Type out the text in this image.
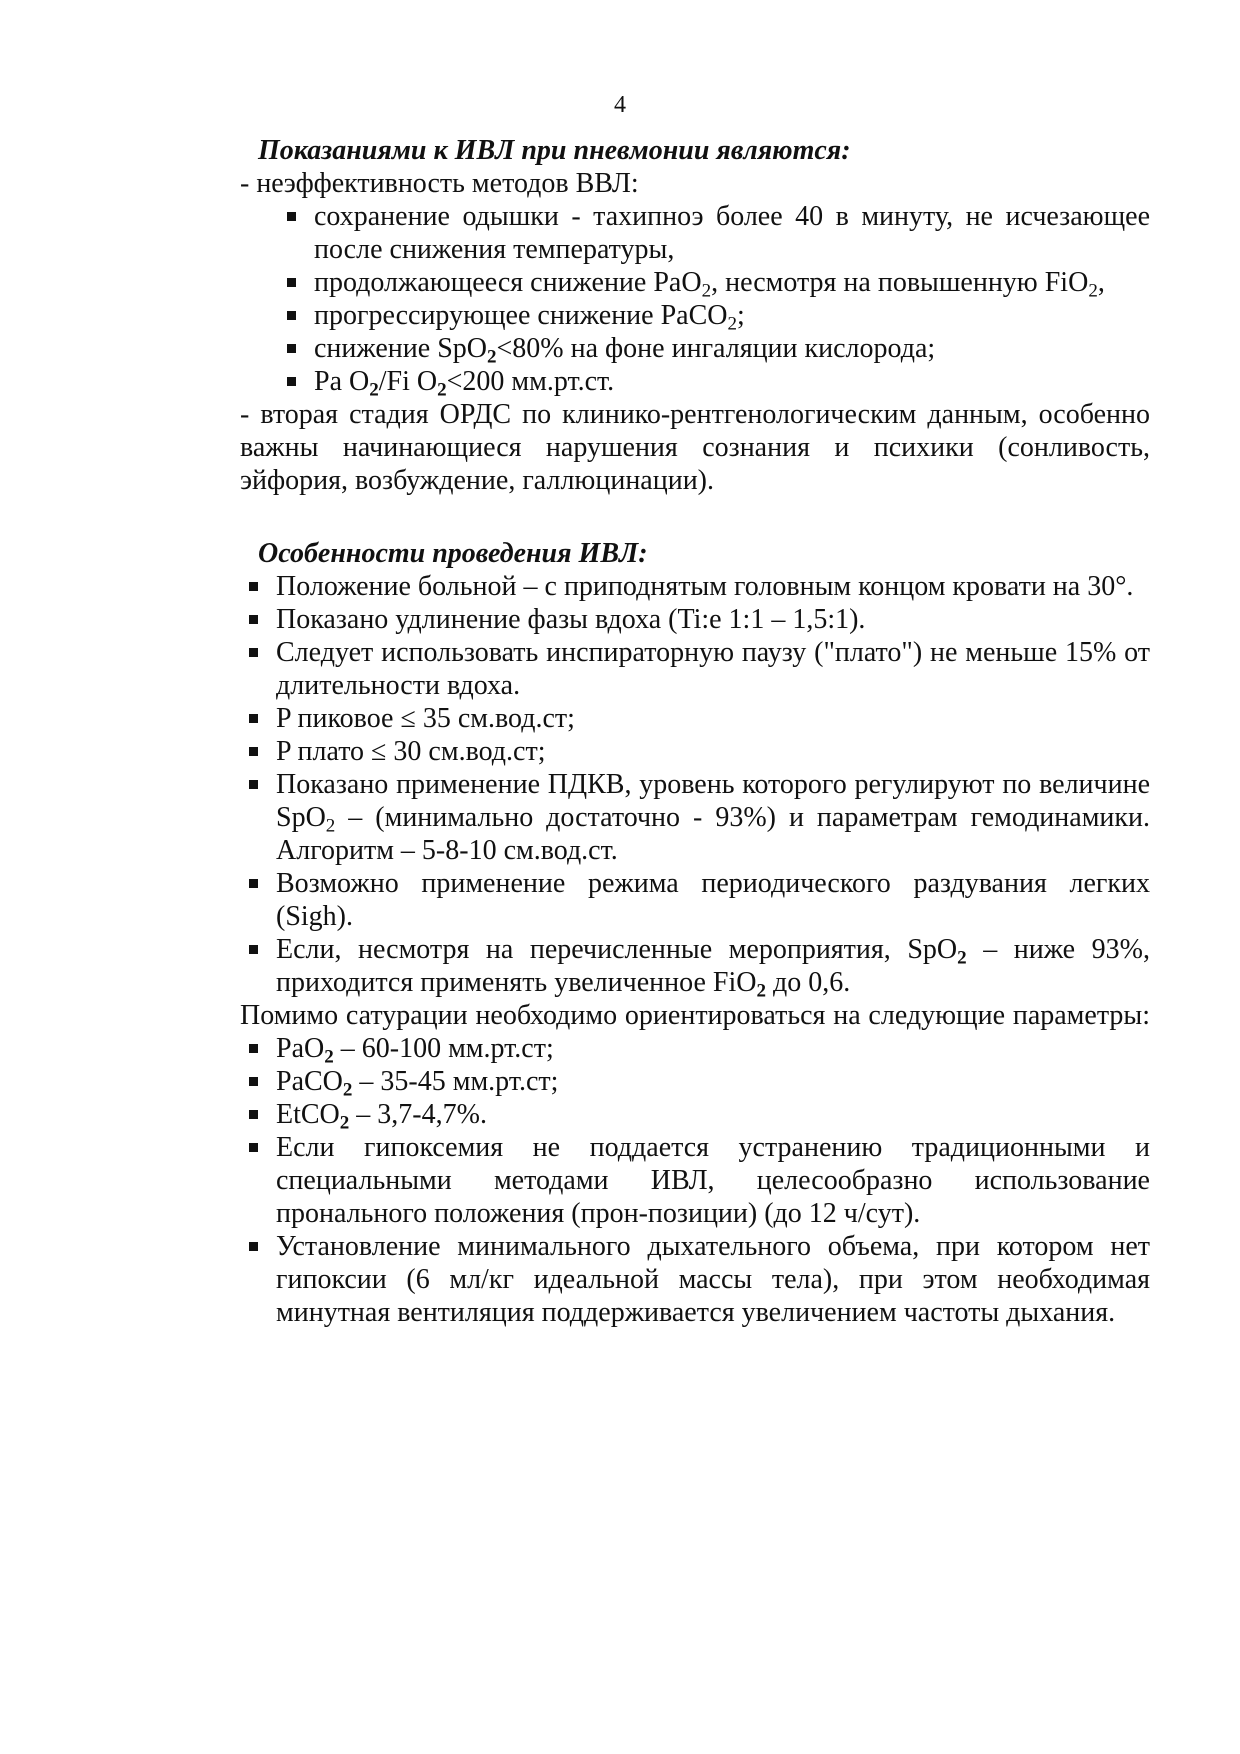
4
Показаниями к ИВЛ при пневмонии являются:
- неэффективность методов ВВЛ:
сохранение одышки - тахипноэ более 40 в минуту, не исчезающее после снижения температуры,
продолжающееся снижение PaO$_2$, несмотря на повышенную FiO$_2$,
прогрессирующее снижение PaCO$_2$;
снижение SpO$_2$<80% на фоне ингаляции кислорода;
Pa $O_2/Fi$ $O_2<200$ мм.рт.ст.
- вторая стадия ОРДС по клинико-рентгенологическим данным, особенно важны начинающиеся нарушения сознания и психики (сонливость, эйфория, возбуждение, галлюцинации).
Особенности проведения ИВЛ:
Положение больной – с приподнятым головным концом кровати на 30°.
Показано удлинение фазы вдоха (Ti:e 1:1 – 1,5:1).
Следует использовать инспираторную паузу ("плато") не меньше 15% от длительности вдоха.
P пиковое ≤ 35 см.вод.ст;
P плато ≤ 30 см.вод.ст;
Показано применение ПДКВ, уровень которого регулируют по величине SpO$_2$ – (минимально достаточно - 93%) и параметрам гемодинамики. Алгоритм – 5-8-10 см.вод.ст.
Возможно применение режима периодического раздувания легких (Sigh).
Если, несмотря на перечисленные мероприятия, SpO$_2$ – ниже 93%, приходится применять увеличенное FiO$_2$ до 0,6.
Помимо сатурации необходимо ориентироваться на следующие параметры:
PaO$_2$ – 60-100 мм.рт.ст;
PaCO$_2$ – 35-45 мм.рт.ст;
EtCO$_2$ – 3,7-4,7%.
Если гипоксемия не поддается устранению традиционными и специальными методами ИВЛ, целесообразно использование пронального положения (прон-позиции) (до 12 ч/сут).
Установление минимального дыхательного объема, при котором нет гипоксии (6 мл/кг идеальной массы тела), при этом необходимая минутная вентиляция поддерживается увеличением частоты дыхания.
